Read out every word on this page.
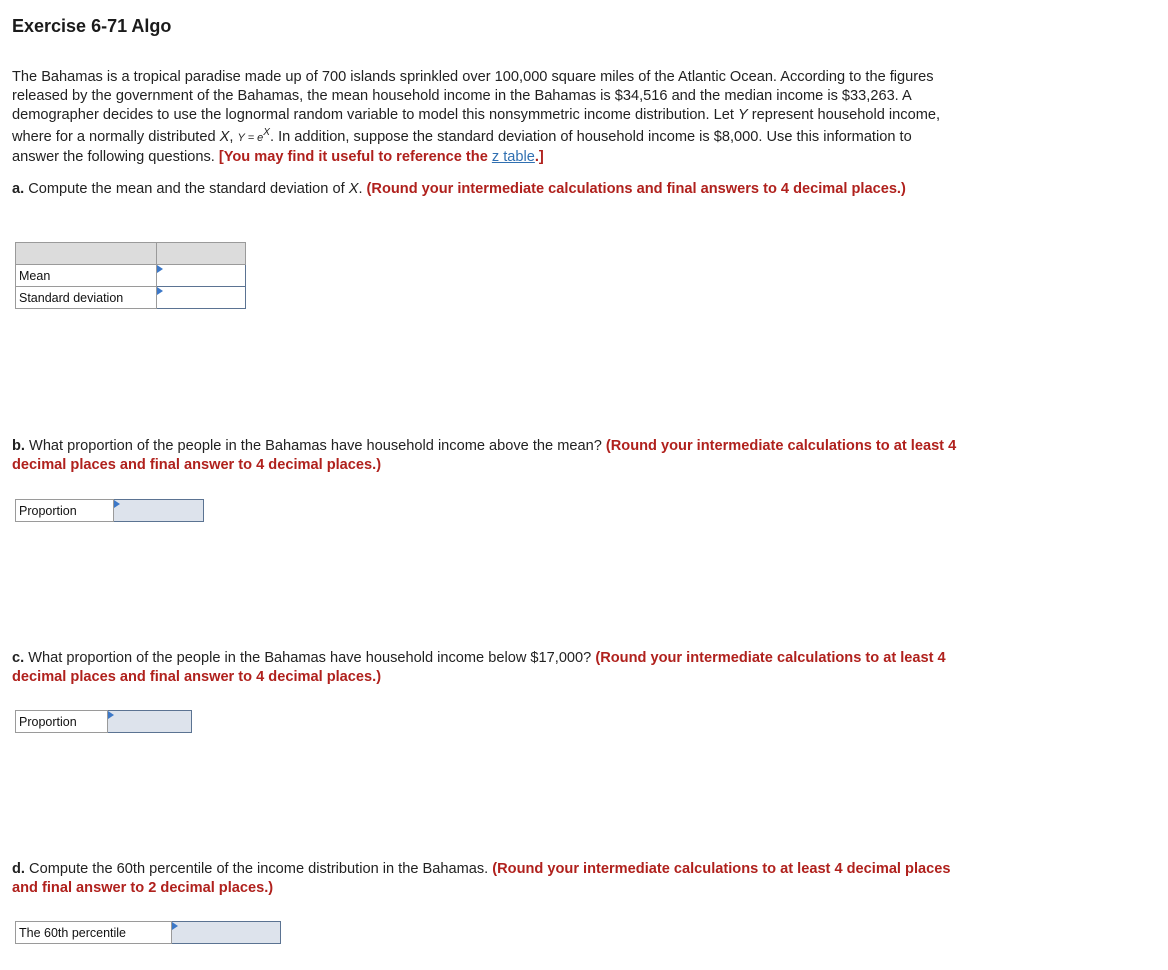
Exercise 6-71 Algo
The Bahamas is a tropical paradise made up of 700 islands sprinkled over 100,000 square miles of the Atlantic Ocean. According to the figures released by the government of the Bahamas, the mean household income in the Bahamas is $34,516 and the median income is $33,263. A demographer decides to use the lognormal random variable to model this nonsymmetric income distribution. Let Y represent household income, where for a normally distributed X, $Y = e^X$. In addition, suppose the standard deviation of household income is $8,000. Use this information to answer the following questions. [You may find it useful to reference the z table.]
a. Compute the mean and the standard deviation of X. (Round your intermediate calculations and final answers to 4 decimal places.)

Mean	

Standard deviation	
b. What proportion of the people in the Bahamas have household income above the mean? (Round your intermediate calculations to at least 4 decimal places and final answer to 4 decimal places.)
Proportion	
c. What proportion of the people in the Bahamas have household income below $17,000? (Round your intermediate calculations to at least 4 decimal places and final answer to 4 decimal places.)
Proportion	
d. Compute the 60th percentile of the income distribution in the Bahamas. (Round your intermediate calculations to at least 4 decimal places and final answer to 2 decimal places.)
The 60th percentile	
